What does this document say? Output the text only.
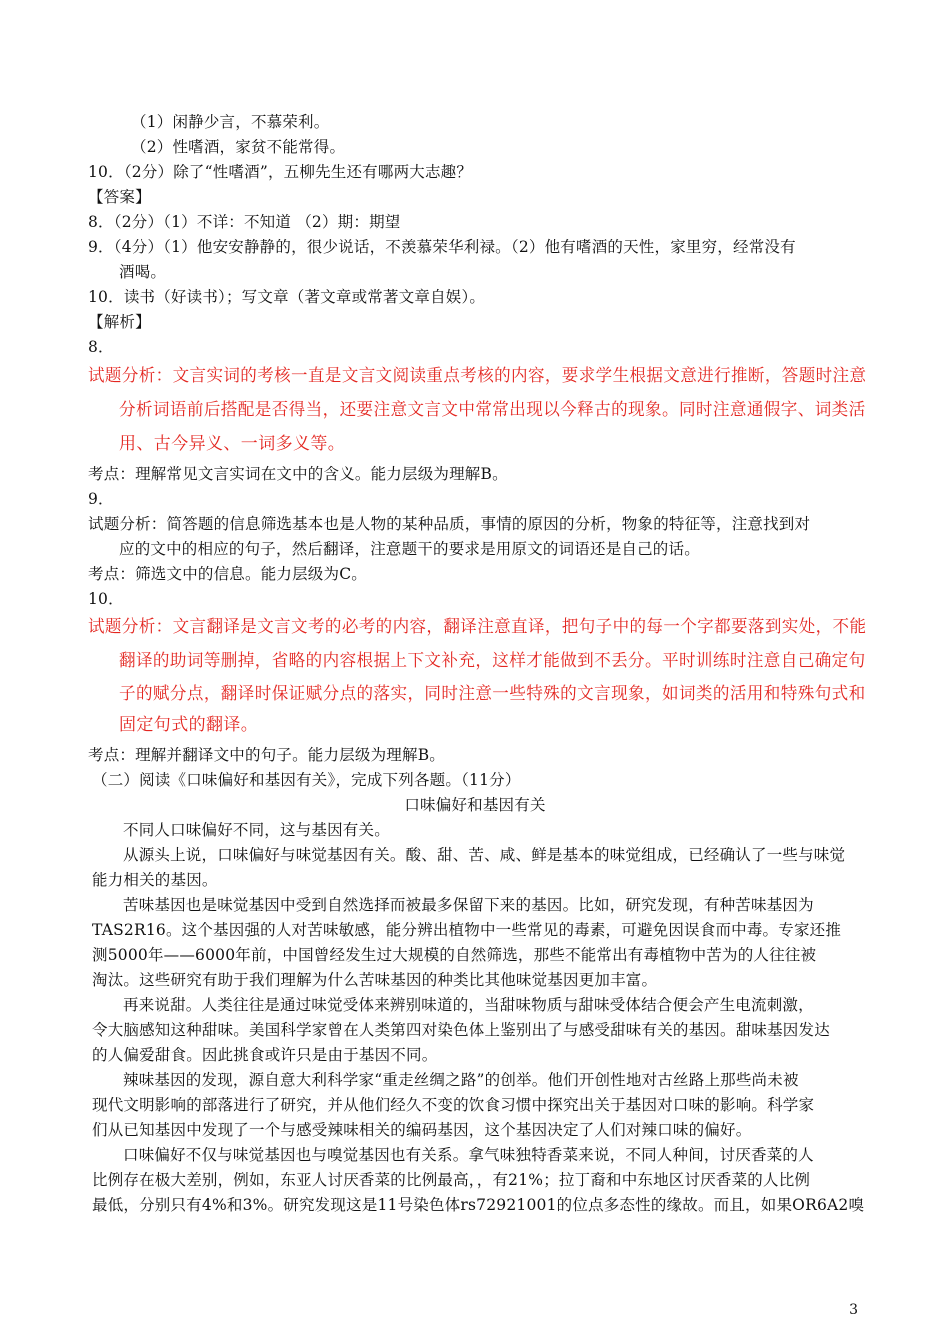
（1）闲静少言，不慕荣利。
（2）性嗜酒，家贫不能常得。
10．（2分）除了“性嗜酒”，五柳先生还有哪两大志趣？
【答案】
8．（2分）（1）不详：不知道 （2）期：期望
9．（4分）（1）他安安静静的，很少说话，不羡慕荣华利禄。（2）他有嗜酒的天性，家里穷，经常没有
酒喝。
10．读书（好读书）；写文章（著文章或常著文章自娱）。
【解析】
8．
试题分析：文言实词的考核一直是文言文阅读重点考核的内容，要求学生根据文意进行推断，答题时注意
分析词语前后搭配是否得当，还要注意文言文中常常出现以今释古的现象。同时注意通假字、词类活
用、古今异义、一词多义等。
考点：理解常见文言实词在文中的含义。能力层级为理解B。
9．
试题分析：简答题的信息筛选基本也是人物的某种品质，事情的原因的分析，物象的特征等，注意找到对
应的文中的相应的句子，然后翻译，注意题干的要求是用原文的词语还是自己的话。
考点：筛选文中的信息。能力层级为C。
10．
试题分析：文言翻译是文言文考的必考的内容，翻译注意直译，把句子中的每一个字都要落到实处，不能
翻译的助词等删掉，省略的内容根据上下文补充，这样才能做到不丢分。平时训练时注意自己确定句
子的赋分点，翻译时保证赋分点的落实，同时注意一些特殊的文言现象，如词类的活用和特殊句式和
固定句式的翻译。
考点：理解并翻译文中的句子。能力层级为理解B。
（二）阅读《口味偏好和基因有关》，完成下列各题。（11分）
口味偏好和基因有关
不同人口味偏好不同，这与基因有关。
从源头上说，口味偏好与味觉基因有关。酸、甜、苦、咸、鲜是基本的味觉组成，已经确认了一些与味觉
能力相关的基因。
苦味基因也是味觉基因中受到自然选择而被最多保留下来的基因。比如，研究发现，有种苦味基因为
TAS2R16。这个基因强的人对苦味敏感，能分辨出植物中一些常见的毒素，可避免因误食而中毒。专家还推
测5000年——6000年前，中国曾经发生过大规模的自然筛选，那些不能常出有毒植物中苦为的人往往被
淘汰。这些研究有助于我们理解为什么苦味基因的种类比其他味觉基因更加丰富。
再来说甜。人类往往是通过味觉受体来辨别味道的，当甜味物质与甜味受体结合便会产生电流刺激，
令大脑感知这种甜味。美国科学家曾在人类第四对染色体上鉴别出了与感受甜味有关的基因。甜味基因发达
的人偏爱甜食。因此挑食或许只是由于基因不同。
辣味基因的发现，源自意大利科学家“重走丝绸之路”的创举。他们开创性地对古丝路上那些尚未被
现代文明影响的部落进行了研究，并从他们经久不变的饮食习惯中探究出关于基因对口味的影响。科学家
们从已知基因中发现了一个与感受辣味相关的编码基因，这个基因决定了人们对辣口味的偏好。
口味偏好不仅与味觉基因也与嗅觉基因也有关系。拿气味独特香菜来说，不同人种间，讨厌香菜的人
比例存在极大差别，例如，东亚人讨厌香菜的比例最高，，有21%；拉丁裔和中东地区讨厌香菜的人比例
最低，分别只有4%和3%。研究发现这是11号染色体rs72921001的位点多态性的缘故。而且，如果OR6A2嗅
3
